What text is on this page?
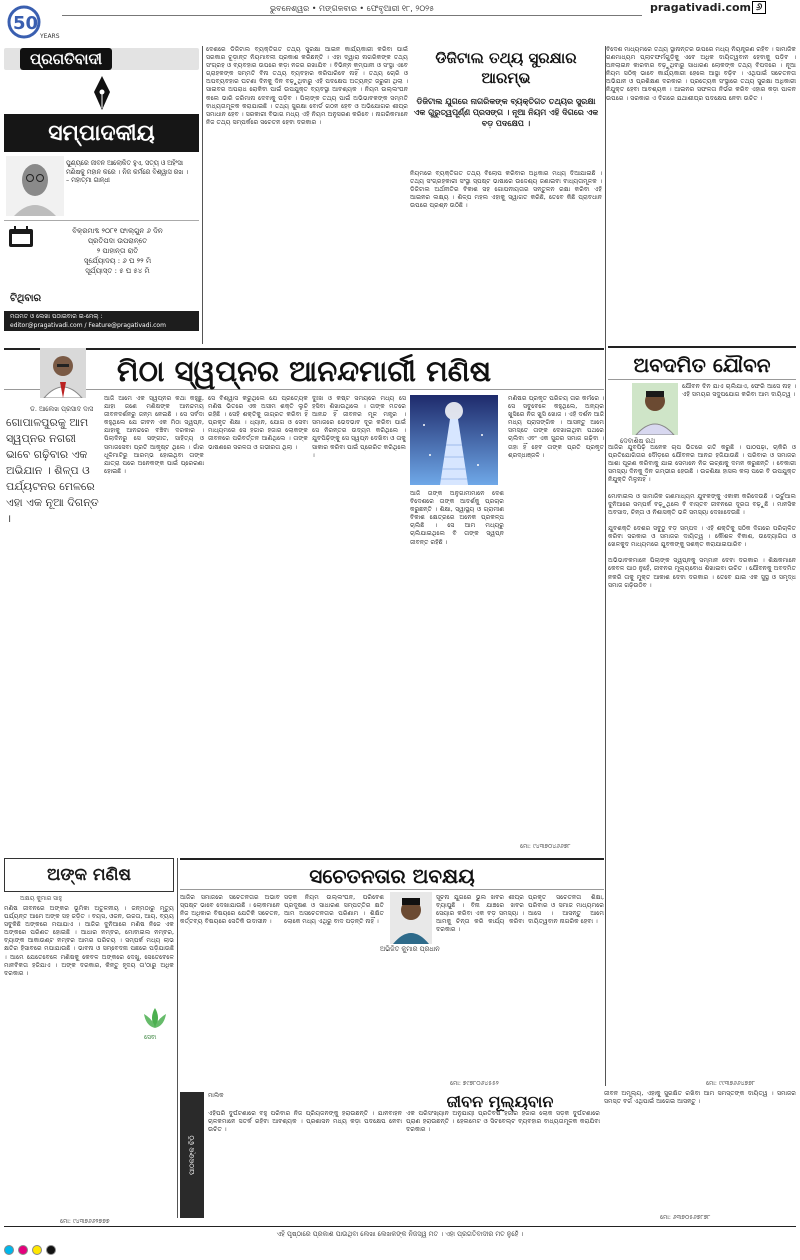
50
YEARS
ଭୁବନେଶ୍ୱର • ମଙ୍ଗଳବାର • ଫେବୃଆରୀ ୧୮, ୨୦୨୫	pragativadi.com ୬
ପ୍ରଗତିବାଦୀ
ସମ୍ପାଦକୀୟ
ପୁଣ୍ୟରେ ଜୀବନ ଆଲୋକିତ ହୁଏ, ସତ୍ୟ ଓ ଅହିଂସା ମଣିଷକୁ ମହାନ କରେ । ନିଜ କର୍ମରେ ବିଶ୍ୱାସ ରଖ ।
– ମହାତ୍ମା ଗାନ୍ଧୀ
ବିକ୍ରମାବ୍ଦ ୨୦୮୧ ଫାଲ୍ଗୁନ ୬ ଦିନ
ପ୍ରତିପଦା ଉପରାନ୍ତେ
୨ ପାହାନ୍ତା ରାତି
ସୂର୍ଯ୍ୟୋଦୟ : ୬ ଘ ୨୨ ମି
ସୂର୍ଯ୍ୟାସ୍ତ : ୫ ଘ ୫୪ ମି
ଟିଥିବାର
ମତାମତ ଓ ଲେଖା ପଠାଇବାର ଇ-ମେଲ୍ :
editor@pragativadi.com / Feature@pragativadi.com
ଦେଶରେ ଡିଜିଟାଲ ବ୍ୟକ୍ତିଗତ ତଥ୍ୟ ସୁରକ୍ଷା ଆଇନ କାର୍ଯ୍ୟକାରୀ କରିବା ପାଇଁ ସରକାର ଚୂଡ଼ାନ୍ତ ନିୟମାବଳୀ ପ୍ରକାଶ କରିଛନ୍ତି । ଏହା ଦ୍ୱାରା ନାଗରିକଙ୍କ ତଥ୍ୟ ସଂଗ୍ରହ ଓ ବ୍ୟବହାର ଉପରେ କଡ଼ା ନଜର ରଖାଯିବ । ବିଭିନ୍ନ କମ୍ପାନୀ ଓ ସଂସ୍ଥା ଏବେ ଗ୍ରାହକଙ୍କ ସମ୍ମତି ବିନା ତଥ୍ୟ ବ୍ୟବହାର କରିପାରିବେ ନାହିଁ । ତଥ୍ୟ ଚୋରି ଓ ଅପବ୍ୟବହାର ଘଟଣା ଦିନକୁ ଦିନ ବଢ଼ୁଥିବାରୁ ଏହି ପଦକ୍ଷେପ ଅତ୍ୟନ୍ତ ଜରୁରୀ ଥିଲା । ସାଇବର ଅପରାଧ ରୋକିବା ପାଇଁ ଉପଯୁକ୍ତ ବ୍ୟବସ୍ଥା ଆବଶ୍ୟକ । ନିୟମ ଉଲ୍ଲଂଘନ କଲେ ଭାରି ଜରିମାନା ଦେବାକୁ ପଡ଼ିବ । ପିଲାଙ୍କ ତଥ୍ୟ ପାଇଁ ଅଭିଭାବକଙ୍କ ସମ୍ମତି ବାଧ୍ୟତାମୂଳକ କରାଯାଇଛି । ତଥ୍ୟ ସୁରକ୍ଷା ବୋର୍ଡ ଗଠନ ହେବ ଓ ଅଭିଯୋଗର ଶୀଘ୍ର ସମାଧାନ ହେବ । ସରକାରୀ ବିଭାଗ ମଧ୍ୟ ଏହି ନିୟମ ଅନୁସରଣ କରିବେ । ନାଗରିକମାନେ ନିଜ ତଥ୍ୟ ସମ୍ପର୍କରେ ସଚେତନ ହେବା ଦରକାର ।
ଡିଜିଟାଲ ତଥ୍ୟ ସୁରକ୍ଷାର ଆରମ୍ଭ
ଡିଜିଟାଲ ଯୁଗରେ ନାଗରିକଙ୍କ ବ୍ୟକ୍ତିଗତ ତଥ୍ୟର ସୁରକ୍ଷା ଏକ ଗୁରୁତ୍ୱପୂର୍ଣ୍ଣ ପ୍ରସଙ୍ଗ । ନୂଆ ନିୟମ ଏହି ଦିଗରେ ଏକ ବଡ଼ ପଦକ୍ଷେପ ।
ନିୟମରେ ବ୍ୟକ୍ତିଗତ ତଥ୍ୟ ବିଲୋପ କରିବାର ଅଧିକାର ମଧ୍ୟ ଦିଆଯାଇଛି । ତଥ୍ୟ ସଂଗ୍ରହକାରୀ ସଂସ୍ଥା ସ୍ପଷ୍ଟ ଭାଷାରେ ଉଦ୍ଦେଶ୍ୟ ଜଣାଇବା ବାଧ୍ୟତାମୂଳକ । ଡିଜିଟାଲ ଅର୍ଥନୀତିର ବିକାଶ ସହ ଗୋପନୀୟତାର ସନ୍ତୁଳନ ରକ୍ଷା କରିବା ଏହି ଆଇନର ଲକ୍ଷ୍ୟ । ଶିଳ୍ପ ମହଲ ଏହାକୁ ସ୍ୱାଗତ କରିଛି, ତେବେ କିଛି ପ୍ରାବଧାନ ଉପରେ ପ୍ରଶ୍ନ ଉଠିଛି ।
ବିଦେଶ ମାଧ୍ୟମରେ ତଥ୍ୟ ସ୍ଥାନାନ୍ତର ଉପରେ ମଧ୍ୟ ନିୟନ୍ତ୍ରଣ ରହିବ । ସାମାଜିକ ଗଣମାଧ୍ୟମ ପ୍ଲାଟଫର୍ମଗୁଡ଼ିକୁ ଏବେ ଅଧିକ ଦାୟିତ୍ୱବାନ ହେବାକୁ ପଡ଼ିବ । ଅନଲାଇନ କାରବାର ବଢ଼ୁଥିବାରୁ ସାଧାରଣ ଲୋକଙ୍କ ତଥ୍ୟ ବିପଦରେ । ନୂଆ ନିୟମ ସଠିକ୍ ଭାବେ କାର୍ଯ୍ୟକାରୀ ହେଲେ ଆସ୍ଥା ବଢ଼ିବ । ଏଥିପାଇଁ ସଚେତନତା ଅଭିଯାନ ଓ ପ୍ରଶିକ୍ଷଣ ଦରକାର । ପ୍ରତ୍ୟେକ ସଂସ୍ଥାରେ ତଥ୍ୟ ସୁରକ୍ଷା ଅଧିକାରୀ ନିଯୁକ୍ତ ହେବା ଆବଶ୍ୟକ । ଆଇନର ସଫଳତା ନିର୍ଭର କରିବ ଏହାର କଡ଼ା ପାଳନ ଉପରେ । ସରକାର ଏ ଦିଗରେ ଯଥାଶୀଘ୍ର ପଦକ୍ଷେପ ନେବା ଉଚିତ ।
ମିଠା ସ୍ୱପ୍ନର ଆନନ୍ଦମାର୍ଗୀ ମଣିଷ
ଡ. ଆଲେଖ ପ୍ରସାଦ ଦାସ
ଗୋପାଳପୁରକୁ ଆମ ସ୍ୱପ୍ନର ନଗରୀ ଭାବେ ଗଢ଼ିବାର ଏକ ଅଭିଯାନ । ଶିଳ୍ପ ଓ ପର୍ଯ୍ୟଟନର ମେଳରେ ଏହା ଏକ ନୂଆ ଦିଗନ୍ତ ।
ଆଜି ଆମେ ଏକ ସ୍ୱପ୍ନର କଥା କହୁଛୁ, ଯାହା ଜଣେ ମଣିଷଙ୍କ ଆନନ୍ଦମୟ ଜୀବନଦର୍ଶନରୁ ଜନ୍ମ ନେଇଛି । ସେ ସର୍ବଦା କହୁଥିଲେ ଯେ ଜୀବନ ଏକ ମିଠା ସ୍ୱପ୍ନ, ଯାହାକୁ ଆନନ୍ଦରେ ବଞ୍ଚିବା ଦରକାର । ପିଲାଦିନରୁ ସେ ସଙ୍ଗୀତ, ସାହିତ୍ୟ ଓ ସମାଜସେବା ପ୍ରତି ଆକୃଷ୍ଟ ଥିଲେ । ଗାଁର ଧୂଳିମାଟିରୁ ଆରମ୍ଭ ହୋଇଥିବା ତାଙ୍କ ଯାତ୍ରା ପରେ ଅନେକଙ୍କ ପାଇଁ ପ୍ରେରଣା ହୋଇଛି ।
ସେ ବିଶ୍ୱାସ କରୁଥିଲେ ଯେ ପ୍ରତ୍ୟେକ ମଣିଷ ଭିତରେ ଏକ ଅସୀମ ଶକ୍ତି ଲୁଚି ରହିଛି । ସେହି ଶକ୍ତିକୁ ଜାଗ୍ରତ କରିବା ହିଁ ପ୍ରକୃତ ଶିକ୍ଷା । ଧ୍ୟାନ, ଯୋଗ ଓ ସେବା ମାଧ୍ୟମରେ ସେ ହଜାର ହଜାର ଲୋକଙ୍କ ଜୀବନରେ ପରିବର୍ତ୍ତନ ଆଣିଥିଲେ । ତାଙ୍କ ଭାଷଣରେ ସରଳତା ଓ ଗଭୀରତା ଥିଲା ।
ଦୁଃଖ ଓ କଷ୍ଟ ସମୟରେ ମଧ୍ୟ ସେ ହସିବା ଶିଖାଉଥିଲେ । ତାଙ୍କ ମତରେ ଆନନ୍ଦ ହିଁ ଜୀବନର ମୂଳ ମନ୍ତ୍ର । ସମାଜରେ ଭେଦଭାବ ଦୂର କରିବା ପାଇଁ ସେ ନିରନ୍ତର ଉଦ୍ୟମ କରିଥିଲେ । ଯୁବପିଢ଼ିଙ୍କୁ ସେ ସ୍ୱପ୍ନ ଦେଖିବା ଓ ତାକୁ ସାକାର କରିବା ପାଇଁ ପ୍ରେରିତ କରିଥିଲେ ।
ଆଜି ତାଙ୍କ ଅନୁଗାମୀମାନେ ଦେଶ ବିଦେଶରେ ତାଙ୍କ ଆଦର୍ଶକୁ ପ୍ରଚାର କରୁଛନ୍ତି । ଶିକ୍ଷା, ସ୍ୱାସ୍ଥ୍ୟ ଓ ଗ୍ରାମୀଣ ବିକାଶ କ୍ଷେତ୍ରରେ ଅନେକ ପ୍ରକଳ୍ପ ଚାଲିଛି । ସେ ଆମ ମଧ୍ୟରୁ ଚାଲିଯାଇଥିଲେ ବି ତାଙ୍କ ସ୍ୱପ୍ନ ଜୀବନ୍ତ ରହିଛି ।
ମଣିଷର ପ୍ରକୃତ ପରିଚୟ ତାର କର୍ମରେ । ସେ ସବୁବେଳେ କହୁଥିଲେ, ଅନ୍ୟର ଖୁସିରେ ନିଜ ଖୁସି ଖୋଜ । ଏହି ଦର୍ଶନ ଆଜି ମଧ୍ୟ ପ୍ରାସଙ୍ଗିକ । ଆସନ୍ତୁ ଆମେ ସମସ୍ତେ ତାଙ୍କ ଦେଖାଇଥିବା ପଥରେ ଚାଲିବା ଏବଂ ଏକ ସୁନ୍ଦର ସମାଜ ଗଢ଼ିବା । ତାହା ହିଁ ହେବ ତାଙ୍କ ପ୍ରତି ପ୍ରକୃତ ଶ୍ରଦ୍ଧାଞ୍ଜଳି ।
ମୋ: ୯୪୩୭୦୪୬୬୭୮
ଅବଦମିତ ଯୌବନ
ଦେବାଶିଷ ରଥ
ଯୌବନ ଦିନ ଯାଏ ଚାଲିଯାଏ, ଫେରି ଆସେ ନାହିଁ । ଏହି ସମୟର ସଦୁପଯୋଗ କରିବା ଆମ ଦାୟିତ୍ୱ ।
ଆଜିର ଯୁବପିଢ଼ି ଅନେକ ଚାପ ଭିତରେ ଗତି କରୁଛି । ପାଠପଢ଼ା, ଚାକିରି ଓ ପ୍ରତିଯୋଗିତାର ଦୌଡ଼ରେ ଯୌବନର ଆନନ୍ଦ ହଜିଯାଉଛି । ପରିବାର ଓ ସମାଜର ଆଶା ପୂରଣ କରିବାକୁ ଯାଇ ସେମାନେ ନିଜ ଇଚ୍ଛାକୁ ଦମନ କରୁଛନ୍ତି । ବେକାରୀ ସମସ୍ୟା ଦିନକୁ ଦିନ ଗମ୍ଭୀର ହେଉଛି । ଉଚ୍ଚଶିକ୍ଷା ହାସଲ କଲା ପରେ ବି ଉପଯୁକ୍ତ ନିଯୁକ୍ତି ମିଳୁନାହିଁ ।

ମୋବାଇଲ ଓ ସାମାଜିକ ଗଣମାଧ୍ୟମ ଯୁବକଙ୍କୁ ଏକାକୀ କରିଦେଉଛି । ଭର୍ଚୁଆଲ ଦୁନିଆରେ ସମ୍ପର୍କ ବଢ଼ୁଥିଲେ ବି ବାସ୍ତବ ଜୀବନରେ ଦୂରତା ବଢ଼ୁଛି । ମାନସିକ ଅବସାଦ, ଚିନ୍ତା ଓ ନିଶାସକ୍ତି ଭଳି ସମସ୍ୟା ଦେଖାଦେଉଛି ।

ଯୁବଶକ୍ତି ଦେଶର ସବୁଠୁ ବଡ଼ ସମ୍ପଦ । ଏହି ଶକ୍ତିକୁ ସଠିକ ଦିଗରେ ପରିଚାଳିତ କରିବା ସରକାର ଓ ସମାଜର ଦାୟିତ୍ୱ । କୌଶଳ ବିକାଶ, ଉଦ୍ୟୋଗିତା ଓ ଖେଳକୁଦ ମାଧ୍ୟମରେ ଯୁବକଙ୍କୁ ସଶକ୍ତ କରାଯାଇପାରିବ ।

ଅଭିଭାବକମାନେ ପିଲାଙ୍କ ସ୍ୱପ୍ନକୁ ସମ୍ମାନ ଦେବା ଦରକାର । ଶିକ୍ଷକମାନେ କେବଳ ପାଠ ନୁହେଁ, ଜୀବନର ମୂଲ୍ୟବୋଧ ଶିଖାଇବା ଉଚିତ । ଯୌବନକୁ ଅବଦମିତ ନକରି ତାକୁ ମୁକ୍ତ ଆକାଶ ଦେବା ଦରକାର । ତେବେ ଯାଇ ଏକ ସୁସ୍ଥ ଓ ସମୃଦ୍ଧ ସମାଜ ଗଢ଼ିଉଠିବ ।
ମୋ: ୯୯୩୭୬୬୪୭୭୮
ଅଙ୍କ ମଣିଷ
ଅକ୍ଷୟ କୁମାର ସାହୁ
ମଣିଷ ଜୀବନରେ ଅଙ୍କର ଭୂମିକା ଅତୁଳନୀୟ । ଜନ୍ମଠାରୁ ମୃତ୍ୟୁ ପର୍ଯ୍ୟନ୍ତ ଆମେ ଅଙ୍କ ସହ ଜଡ଼ିତ । ବୟସ, ଓଜନ, ଉଚ୍ଚତା, ଆୟ, ବ୍ୟୟ ସବୁକିଛି ଅଙ୍କରେ ମପାଯାଏ । ଆଜିର ଦୁନିଆରେ ମଣିଷ ନିଜେ ଏକ ଅଙ୍କରେ ପରିଣତ ହୋଇଛି । ଆଧାର ନମ୍ବର, ମୋବାଇଲ ନମ୍ବର, ବ୍ୟାଙ୍କ ଆକାଉଣ୍ଟ ନମ୍ବର ଆମର ପରିଚୟ । ସମ୍ପର୍କ ମଧ୍ୟ ଲାଭ କ୍ଷତିର ହିସାବରେ ମପାଯାଉଛି । ଭାବନା ଓ ସମ୍ବେଦନା ପଛରେ ପଡ଼ିଯାଉଛି । ଆମେ ଯେତେବେଳେ ମଣିଷକୁ କେବଳ ଅଙ୍କରେ ଦେଖୁ, ସେତେବେଳେ ମାନବିକତା ହଜିଯାଏ । ଅଙ୍କ ଦରକାର, କିନ୍ତୁ ହୃଦୟ ତା'ଠାରୁ ଅଧିକ ଦରକାର ।
ସେବା
ମୋ: ୯୪୩୭୬୬୨୭୭୭
ସଚେତନତାର ଅବକ୍ଷୟ
ଆଜିର ସମାଜରେ ସଚେତନତାର ଅଭାବ ସ୍ପଷ୍ଟ ଭାବେ ଦେଖାଯାଉଛି । ଲୋକମାନେ ନିଜ ଅଧିକାର ବିଷୟରେ ଯେତିକି ସଚେତନ, କର୍ତ୍ତବ୍ୟ ବିଷୟରେ ସେତିକି ଉଦାସୀନ ।
ସଡ଼କ ନିୟମ ଉଲ୍ଲଂଘନ, ପରିବେଶ ପ୍ରଦୂଷଣ ଓ ସାଧାରଣ ସମ୍ପତ୍ତିର କ୍ଷତି ଆମ ଅସଚେତନତାର ପରିଣାମ । ଶିକ୍ଷିତ ଲୋକେ ମଧ୍ୟ ଏଥିରୁ ବାଦ ପଡ଼ନ୍ତି ନାହିଁ ।
ଅଭିଜିତ କୁମାର ପ୍ରଧାନ
ସୂଚନା ଯୁଗରେ ଭୁଲ ଖବର ଶୀଘ୍ର ବ୍ୟାପୁଛି । ବିନା ଯାଞ୍ଚରେ ଖବର ସେୟାର କରିବା ଏକ ବଡ଼ ସମସ୍ୟା । ଆମକୁ ଚିନ୍ତା କରି କାର୍ଯ୍ୟ କରିବା ଦରକାର ।
ପ୍ରକୃତ ସଚେତନତା ଶିକ୍ଷା, ପରିବାର ଓ ସମାଜ ମାଧ୍ୟମରେ ଆସେ । ଆସନ୍ତୁ ଆମେ ଦାୟିତ୍ୱବାନ ନାଗରିକ ହେବା ।
ମୋ: ୭୯୭୮୦୬୪୫୫୨
ପାଠକଙ୍କ ଚିଠି
ମାଲିକ	ଜୀବନ ମୂଲ୍ୟବାନ
ଏହିପରି ଦୁର୍ଘଟଣାରେ ବହୁ ପରିବାର ନିଜ ପ୍ରିୟଜନଙ୍କୁ ହରାଉଛନ୍ତି । ଯାନବାହନ ଚାଳକମାନେ ସତର୍କ ରହିବା ଆବଶ୍ୟକ । ପ୍ରଶାସନ ମଧ୍ୟ କଡ଼ା ପଦକ୍ଷେପ ନେବା ଉଚିତ ।
ଏକ ପରିସଂଖ୍ୟାନ ଅନୁଯାୟୀ ପ୍ରତିବର୍ଷ ହଜାର ହଜାର ଲୋକ ସଡ଼କ ଦୁର୍ଘଟଣାରେ ପ୍ରାଣ ହରାଉଛନ୍ତି । ହେଲମେଟ ଓ ସିଟବେଲ୍ଟ ବ୍ୟବହାର ବାଧ୍ୟତାମୂଳକ କରାଯିବା ଦରକାର ।
ଜୀବନ ଅମୂଲ୍ୟ, ଏହାକୁ ସୁରକ୍ଷିତ ରଖିବା ଆମ ସମସ୍ତଙ୍କ ଦାୟିତ୍ୱ । ସମାଜର ସମସ୍ତ ବର୍ଗ ଏଥିପାଇଁ ଆଗେଇ ଆସନ୍ତୁ ।
ମୋ: ୬୩୭୦୫୬୭୮୭୮
ଏହି ପୃଷ୍ଠାରେ ପ୍ରକାଶ ପାଉଥିବା ଲେଖା ଲେଖକଙ୍କ ନିଜସ୍ୱ ମତ । ଏହା ପ୍ରଗତିବାଦୀର ମତ ନୁହେଁ ।
